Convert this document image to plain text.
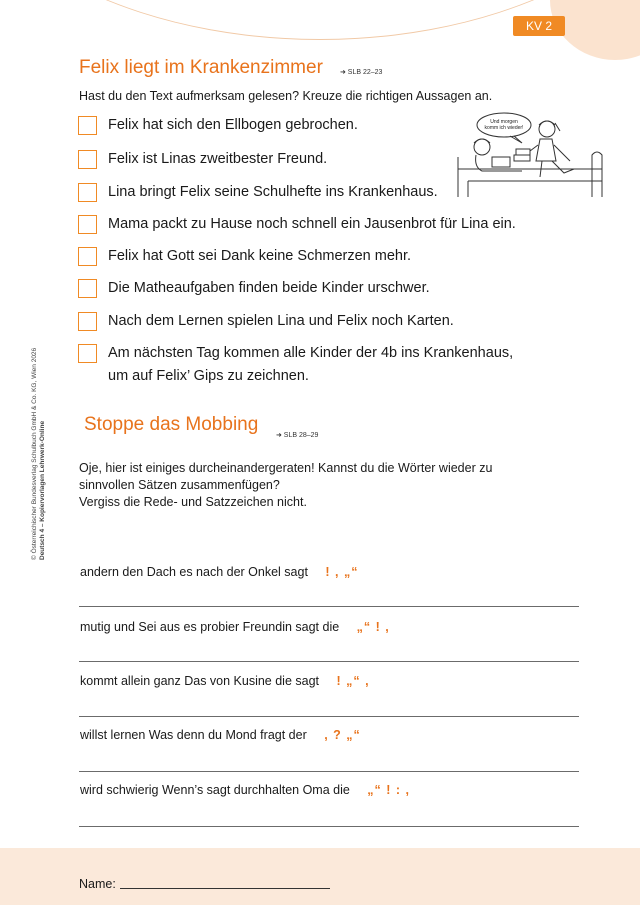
KV 2
Felix liegt im Krankenzimmer ➜ SLB 22–23
Hast du den Text aufmerksam gelesen? Kreuze die richtigen Aussagen an.
Felix hat sich den Ellbogen gebrochen.
Felix ist Linas zweitbester Freund.
Lina bringt Felix seine Schulhefte ins Krankenhaus.
Mama packt zu Hause noch schnell ein Jausenbrot für Lina ein.
Felix hat Gott sei Dank keine Schmerzen mehr.
Die Matheaufgaben finden beide Kinder urschwer.
Nach dem Lernen spielen Lina und Felix noch Karten.
Am nächsten Tag kommen alle Kinder der 4b ins Krankenhaus,
um auf Felix’ Gips zu zeichnen.
Und morgen
komm ich wieder!
Stoppe das Mobbing
➜ SLB 28–29
Oje, hier ist einiges durcheinandergeraten! Kannst du die Wörter wieder zu
sinnvollen Sätzen zusammenfügen?
Vergiss die Rede- und Satzzeichen nicht.
andern den Dach es nach der Onkel sagt ! , „“
mutig und Sei aus es probier Freundin sagt die „“ ! ,
kommt allein ganz Das von Kusine die sagt ! „“ ,
willst lernen Was denn du Mond fragt der , ? „“
wird schwierig Wenn’s sagt durchhalten Oma die „“ ! : ,
© Österreichischer Bundesverlag Schulbuch GmbH & Co. KG, Wien 2026 Deutsch 4 – Kopiervorlagen Lehrwerk-Online
Name:
